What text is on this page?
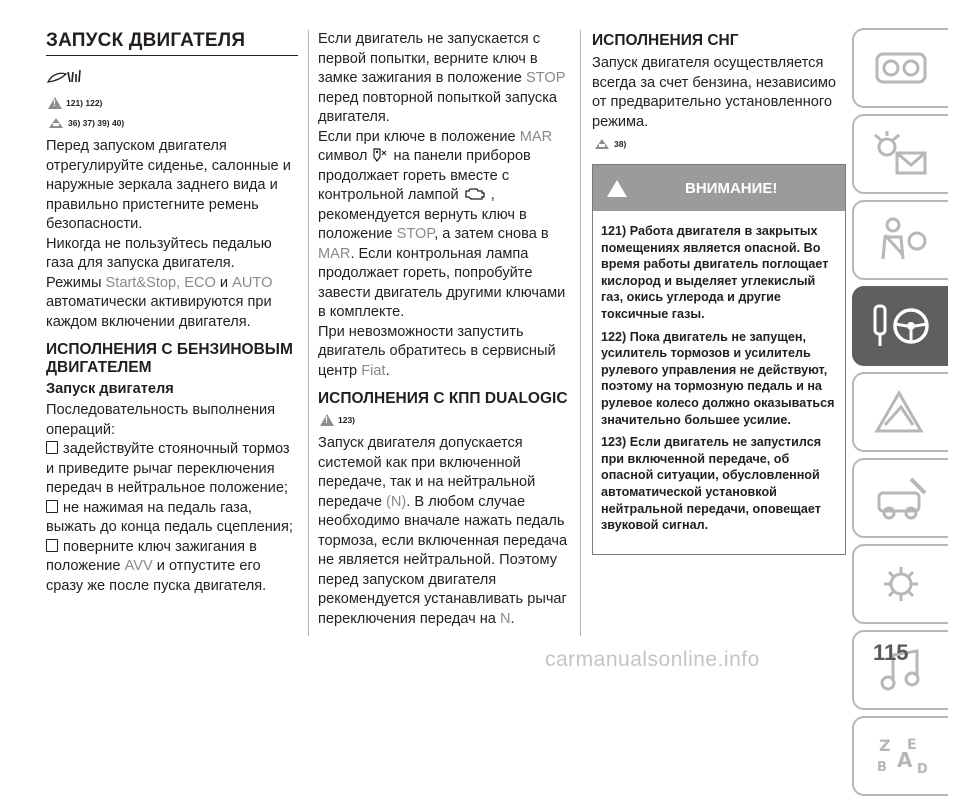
ЗАПУСК ДВИГАТЕЛЯ
!
121) 122)
36) 37) 39) 40)

Перед запуском двигателя отрегулируйте сиденье, салонные и наружные зеркала заднего вида и правильно пристегните ремень безопасности.

Никогда не пользуйтесь педалью газа для запуска двигателя.

Режимы Start&Stop, ECO и AUTO автоматически активируются при каждом включении двигателя.

ИСПОЛНЕНИЯ С БЕНЗИНОВЫМ ДВИГАТЕЛЕМ
Запуск двигателя

Последовательность выполнения операций:

задействуйте стояночный тормоз и приведите рычаг переключения передач в нейтральное положение;

не нажимая на педаль газа, выжать до конца педаль сцепления;

поверните ключ зажигания в положение AVV и отпустите его сразу же после пуска двигателя.

Если двигатель не запускается с первой попытки, верните ключ в замке зажигания в положение STOP перед повторной попыткой запуска двигателя.

Если при ключе в положение MAR символ на панели приборов продолжает гореть вместе с контрольной лампой , рекомендуется вернуть ключ в положение STOP, а затем снова в MAR. Если контрольная лампа продолжает гореть, попробуйте завести двигатель другими ключами в комплекте.

При невозможности запустить двигатель обратитесь в сервисный центр Fiat.

ИСПОЛНЕНИЯ С КПП DUALOGIC
!
123)

Запуск двигателя допускается системой как при включенной передаче, так и на нейтральной передаче (N). В любом случае необходимо вначале нажать педаль тормоза, если включенная передача не является нейтральной. Поэтому перед запуском двигателя рекомендуется устанавливать рычаг переключения передач на N.

ИСПОЛНЕНИЯ СНГ

Запуск двигателя осуществляется всегда за счет бензина, независимо от предварительно установленного режима.

38)
ВНИМАНИЕ!

121) Работа двигателя в закрытых помещениях является опасной. Во время работы двигатель поглощает кислород и выделяет углекислый газ, окись углерода и другие токсичные газы.

122) Пока двигатель не запущен, усилитель тормозов и усилитель рулевого управления не действуют, поэтому на тормозную педаль и на рулевое колесо должно оказываться значительно большее усилие.

123) Если двигатель не запустился при включенной передаче, об опасной ситуации, обусловленной автоматической установкой нейтральной передачи, оповещает звуковой сигнал.

Z E
B A D
115
carmanualsonline.info
